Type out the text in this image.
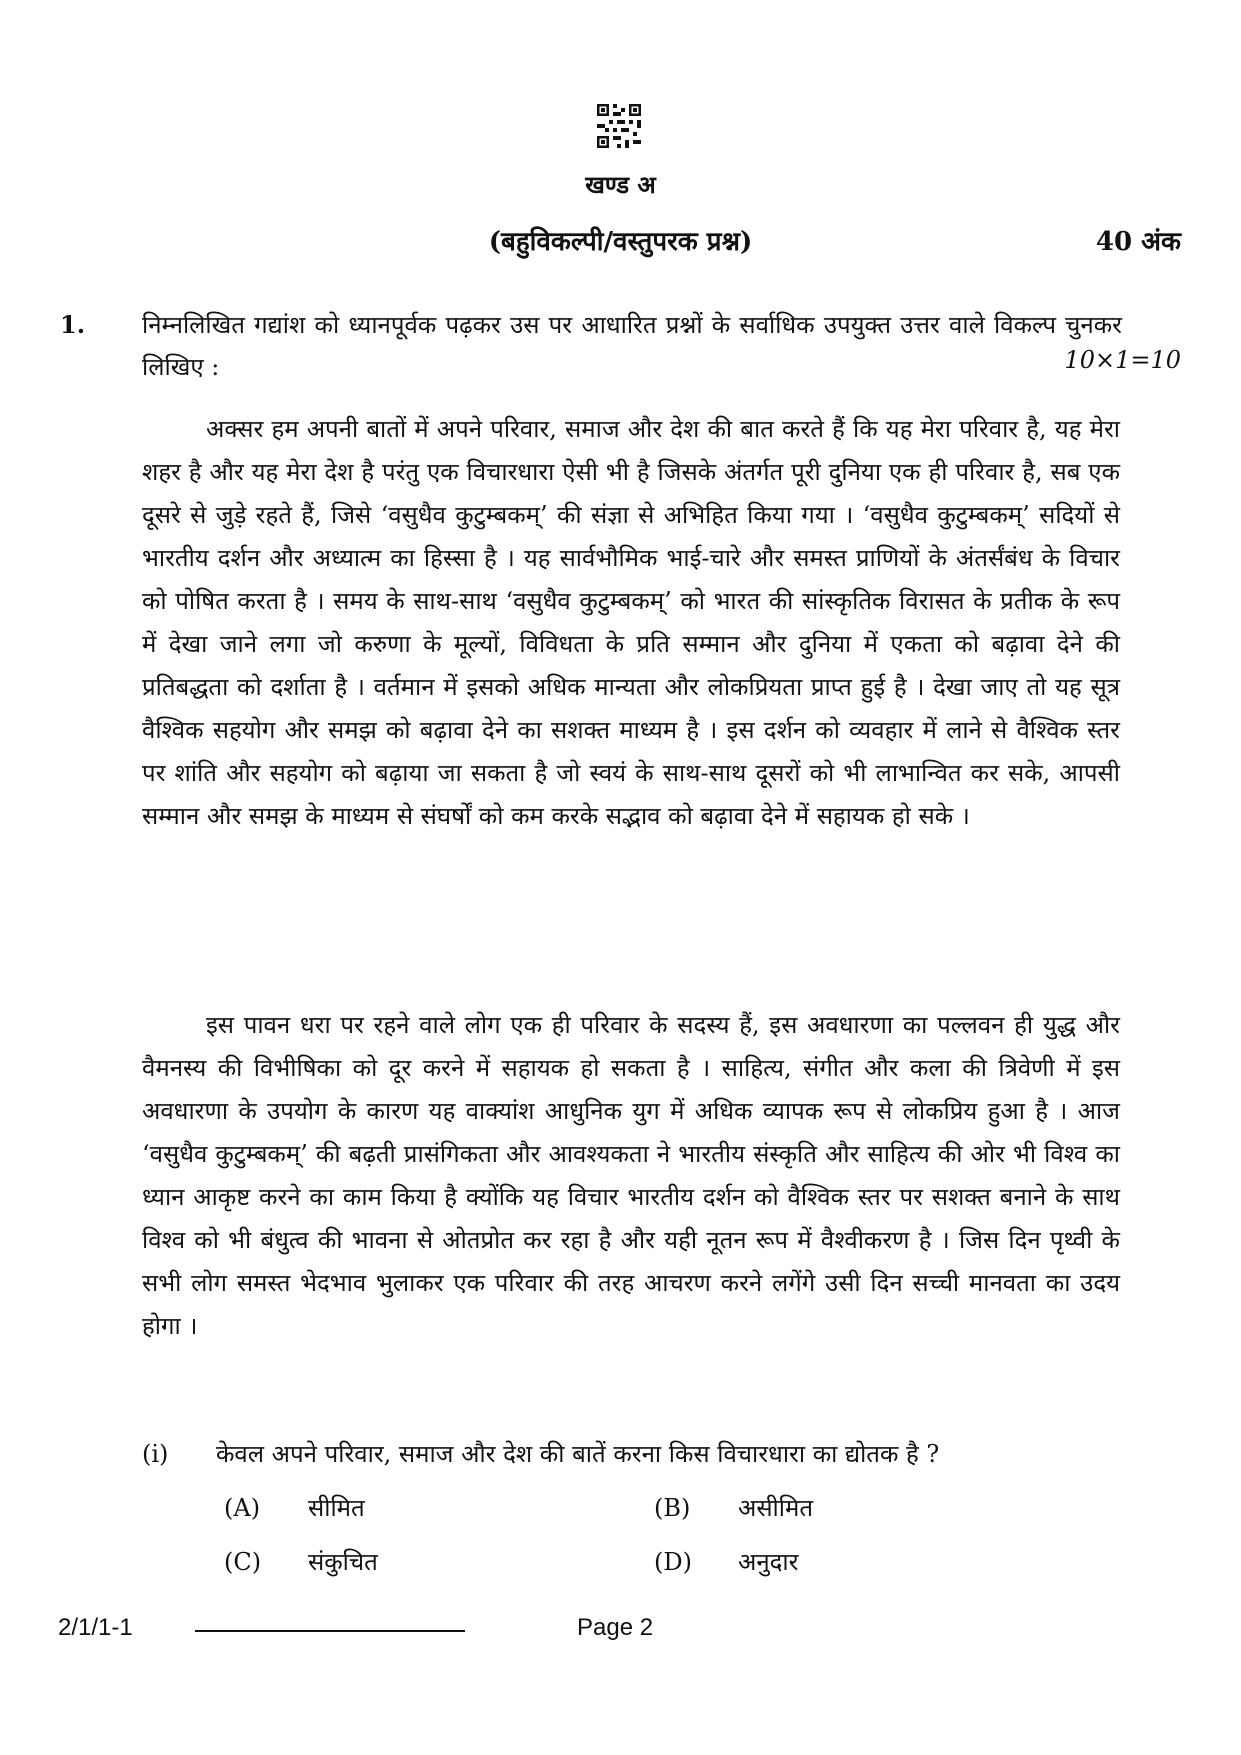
खण्ड अ
(बहुविकल्पी/वस्तुपरक प्रश्न)	40 अंक
1. निम्नलिखित गद्यांश को ध्यानपूर्वक पढ़कर उस पर आधारित प्रश्नों के सर्वाधिक उपयुक्त उत्तर वाले विकल्प चुनकर लिखिए :	10×1=10

अक्सर हम अपनी बातों में अपने परिवार, समाज और देश की बात करते हैं कि यह मेरा परिवार है, यह मेरा शहर है और यह मेरा देश है परंतु एक विचारधारा ऐसी भी है जिसके अंतर्गत पूरी दुनिया एक ही परिवार है, सब एक दूसरे से जुड़े रहते हैं, जिसे ‘वसुधैव कुटुम्बकम्’ की संज्ञा से अभिहित किया गया । ‘वसुधैव कुटुम्बकम्’ सदियों से भारतीय दर्शन और अध्यात्म का हिस्सा है । यह सार्वभौमिक भाई-चारे और समस्त प्राणियों के अंतर्संबंध के विचार को पोषित करता है । समय के साथ-साथ ‘वसुधैव कुटुम्बकम्’ को भारत की सांस्कृतिक विरासत के प्रतीक के रूप में देखा जाने लगा जो करुणा के मूल्यों, विविधता के प्रति सम्मान और दुनिया में एकता को बढ़ावा देने की प्रतिबद्धता को दर्शाता है । वर्तमान में इसको अधिक मान्यता और लोकप्रियता प्राप्त हुई है । देखा जाए तो यह सूत्र वैश्विक सहयोग और समझ को बढ़ावा देने का सशक्त माध्यम है । इस दर्शन को व्यवहार में लाने से वैश्विक स्तर पर शांति और सहयोग को बढ़ाया जा सकता है जो स्वयं के साथ-साथ दूसरों को भी लाभान्वित कर सके, आपसी सम्मान और समझ के माध्यम से संघर्षों को कम करके सद्भाव को बढ़ावा देने में सहायक हो सके ।

इस पावन धरा पर रहने वाले लोग एक ही परिवार के सदस्य हैं, इस अवधारणा का पल्लवन ही युद्ध और वैमनस्य की विभीषिका को दूर करने में सहायक हो सकता है । साहित्य, संगीत और कला की त्रिवेणी में इस अवधारणा के उपयोग के कारण यह वाक्यांश आधुनिक युग में अधिक व्यापक रूप से लोकप्रिय हुआ है । आज ‘वसुधैव कुटुम्बकम्’ की बढ़ती प्रासंगिकता और आवश्यकता ने भारतीय संस्कृति और साहित्य की ओर भी विश्व का ध्यान आकृष्ट करने का काम किया है क्योंकि यह विचार भारतीय दर्शन को वैश्विक स्तर पर सशक्त बनाने के साथ विश्व को भी बंधुत्व की भावना से ओतप्रोत कर रहा है और यही नूतन रूप में वैश्वीकरण है । जिस दिन पृथ्वी के सभी लोग समस्त भेदभाव भुलाकर एक परिवार की तरह आचरण करने लगेंगे उसी दिन सच्ची मानवता का उदय होगा ।

(i) केवल अपने परिवार, समाज और देश की बातें करना किस विचारधारा का द्योतक है ?
(A) सीमित	(B) असीमित
(C) संकुचित	(D) अनुदार
2/1/1-1	Page 2
